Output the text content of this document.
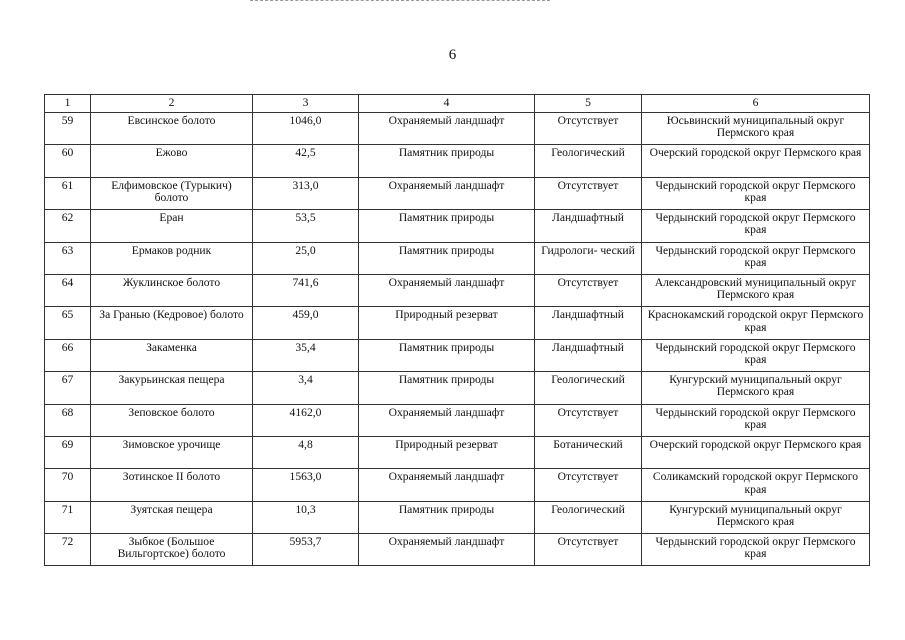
6
1	2	3	4	5	6
59	Евсинское болото	1046,0	Охраняемый ландшафт	Отсутствует	Юсьвинский муниципальный округ Пермского края
60	Ежово	42,5	Памятник природы	Геологический	Очерский городской округ Пермского края
61	Елфимовское (Турыкич) болото	313,0	Охраняемый ландшафт	Отсутствует	Чердынский городской округ Пермского края
62	Еран	53,5	Памятник природы	Ландшафтный	Чердынский городской округ Пермского края
63	Ермаков родник	25,0	Памятник природы	Гидрологи- ческий	Чердынский городской округ Пермского края
64	Жуклинское болото	741,6	Охраняемый ландшафт	Отсутствует	Александровский муниципальный округ Пермского края
65	За Гранью (Кедровое) болото	459,0	Природный резерват	Ландшафтный	Краснокамский городской округ Пермского края
66	Закаменка	35,4	Памятник природы	Ландшафтный	Чердынский городской округ Пермского края
67	Закурьинская пещера	3,4	Памятник природы	Геологический	Кунгурский муниципальный округ Пермского края
68	Зеповское болото	4162,0	Охраняемый ландшафт	Отсутствует	Чердынский городской округ Пермского края
69	Зимовское урочище	4,8	Природный резерват	Ботанический	Очерский городской округ Пермского края
70	Зотинское II болото	1563,0	Охраняемый ландшафт	Отсутствует	Соликамский городской округ Пермского края
71	Зуятская пещера	10,3	Памятник природы	Геологический	Кунгурский муниципальный округ Пермского края
72	Зыбкое (Большое Вильгортское) болото	5953,7	Охраняемый ландшафт	Отсутствует	Чердынский городской округ Пермского края
